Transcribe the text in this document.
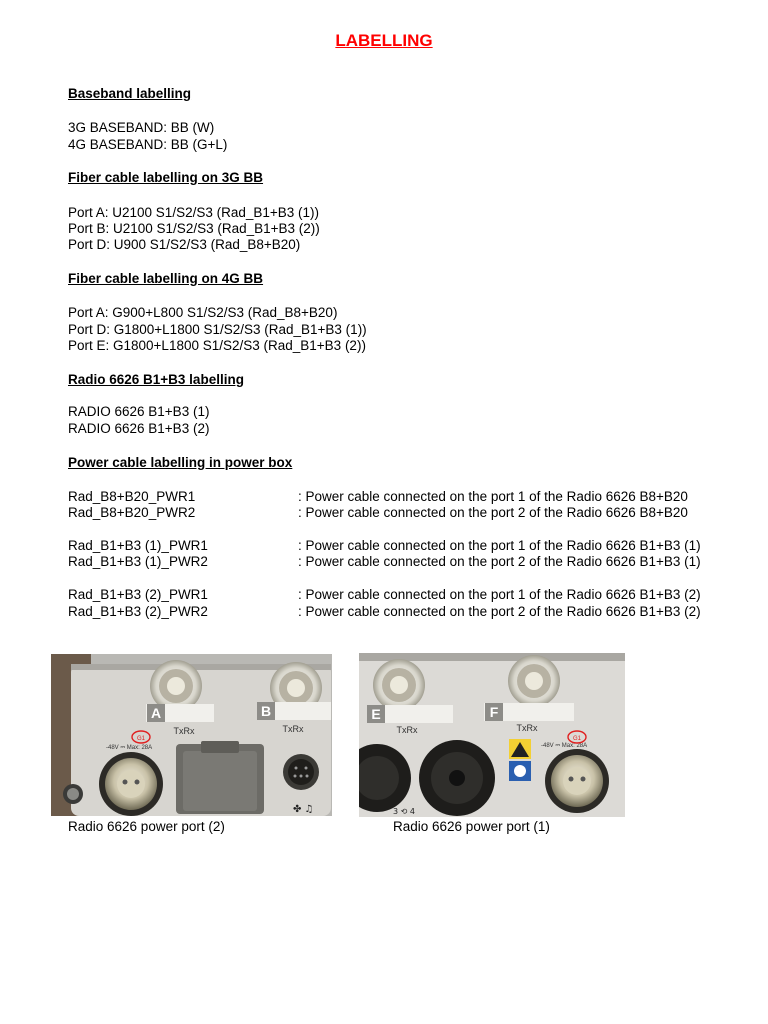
LABELLING

Baseband labelling

3G BASEBAND: BB (W)

4G BASEBAND: BB (G+L)

Fiber cable labelling on 3G BB

Port A: U2100 S1/S2/S3 (Rad_B1+B3 (1))

Port B: U2100 S1/S2/S3 (Rad_B1+B3 (2))

Port D: U900 S1/S2/S3 (Rad_B8+B20)

Fiber cable labelling on 4G BB

Port A: G900+L800 S1/S2/S3 (Rad_B8+B20)

Port D: G1800+L1800 S1/S2/S3 (Rad_B1+B3 (1))

Port E: G1800+L1800 S1/S2/S3 (Rad_B1+B3 (2))

Radio 6626 B1+B3 labelling

RADIO 6626 B1+B3 (1)

RADIO 6626 B1+B3 (2)

Power cable labelling in power box

Rad_B8+B20_PWR1	: Power cable connected on the port 1 of the Radio 6626 B8+B20
Rad_B8+B20_PWR2	: Power cable connected on the port 2 of the Radio 6626 B8+B20
Rad_B1+B3 (1)_PWR1	: Power cable connected on the port 1 of the Radio 6626 B1+B3 (1)
Rad_B1+B3 (1)_PWR2	: Power cable connected on the port 2 of the Radio 6626 B1+B3 (1)
Rad_B1+B3 (2)_PWR1	: Power cable connected on the port 1 of the Radio 6626 B1+B3 (2)
Rad_B1+B3 (2)_PWR2	: Power cable connected on the port 2 of the Radio 6626 B1+B3 (2)
A	B
TxRx	TxRx
-48V ⎓ Max: 28A
G1
✤ ♫

Radio 6626 power port (2)

E	F
TxRx	TxRx
-48V ⎓ Max: 28A
G1
3 ⟲ 4

Radio 6626 power port (1)
